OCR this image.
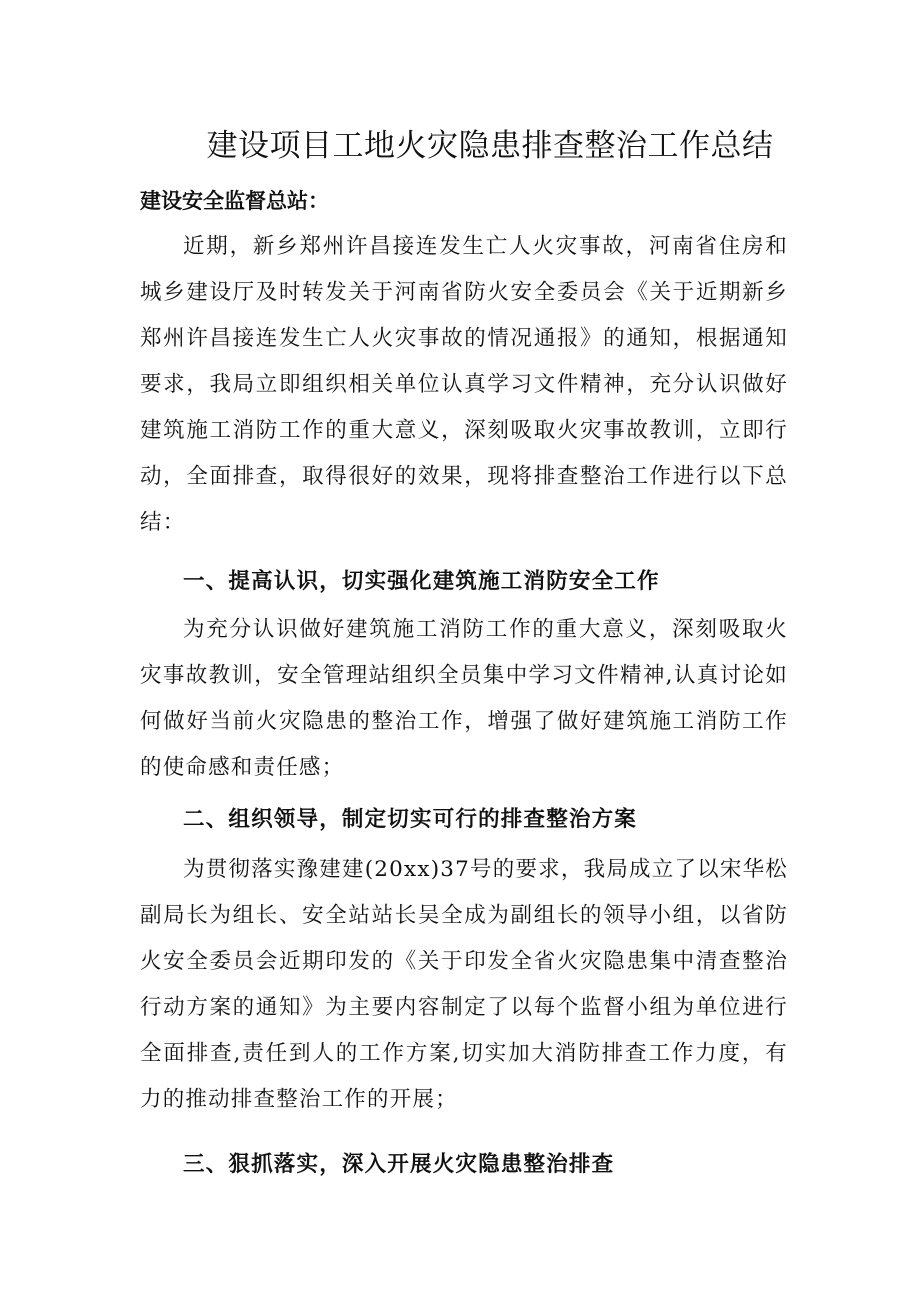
建设项目工地火灾隐患排查整治工作总结

建设安全监督总站：

近期，新乡郑州许昌接连发生亡人火灾事故，河南省住房和城乡建设厅及时转发关于河南省防火安全委员会《关于近期新乡郑州许昌接连发生亡人火灾事故的情况通报》的通知，根据通知要求，我局立即组织相关单位认真学习文件精神，充分认识做好建筑施工消防工作的重大意义，深刻吸取火灾事故教训，立即行动，全面排查，取得很好的效果，现将排查整治工作进行以下总结：

一、提高认识，切实强化建筑施工消防安全工作

为充分认识做好建筑施工消防工作的重大意义，深刻吸取火灾事故教训，安全管理站组织全员集中学习文件精神,认真讨论如何做好当前火灾隐患的整治工作，增强了做好建筑施工消防工作的使命感和责任感；

二、组织领导，制定切实可行的排查整治方案

为贯彻落实豫建建(20xx)37号的要求，我局成立了以宋华松副局长为组长、安全站站长吴全成为副组长的领导小组，以省防火安全委员会近期印发的《关于印发全省火灾隐患集中清查整治行动方案的通知》为主要内容制定了以每个监督小组为单位进行全面排查,责任到人的工作方案,切实加大消防排查工作力度，有力的推动排查整治工作的开展；

三、狠抓落实，深入开展火灾隐患整治排查
